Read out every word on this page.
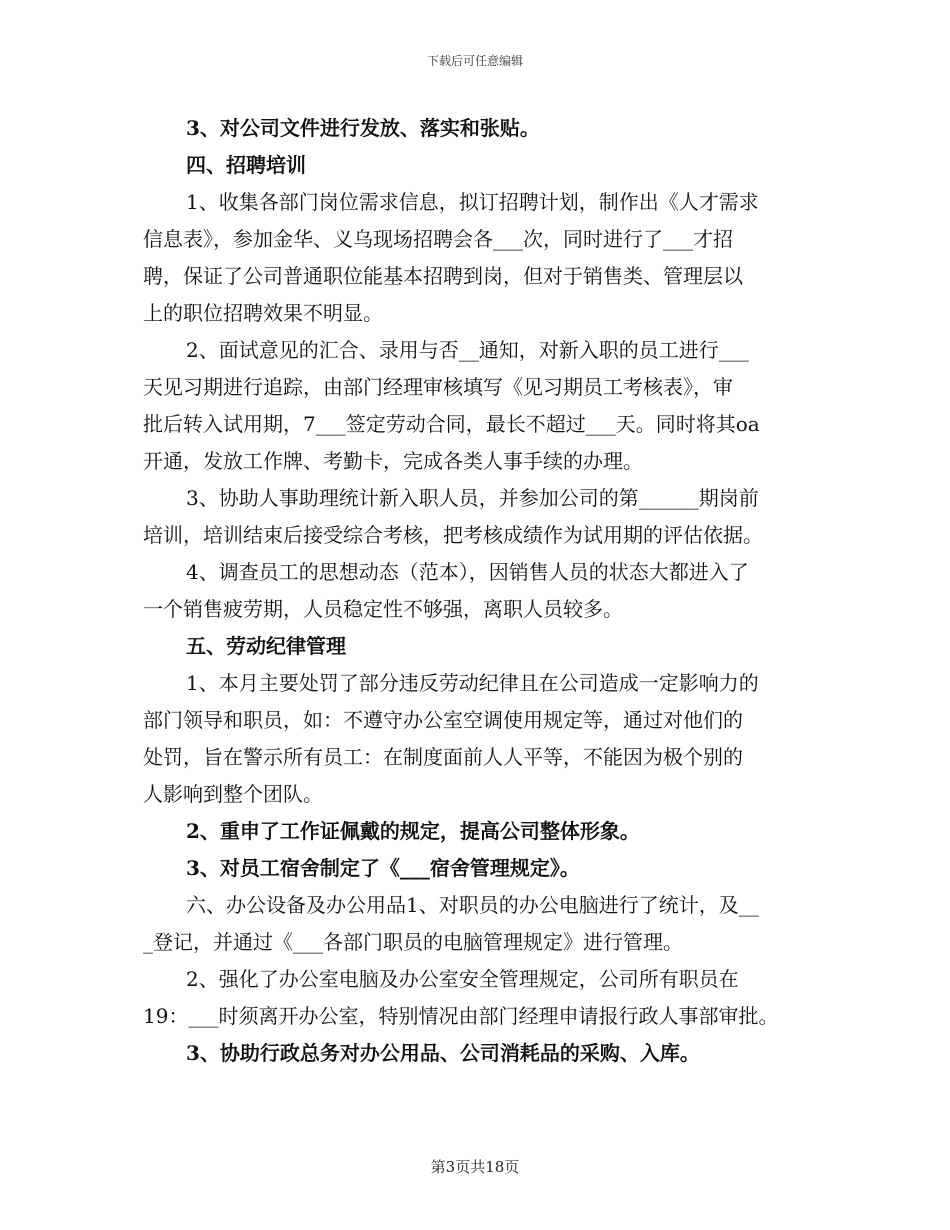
下载后可任意编辑
3、对公司文件进行发放、落实和张贴。
四、招聘培训
1、收集各部门岗位需求信息，拟订招聘计划，制作出《人才需求
信息表》，参加金华、义乌现场招聘会各___次，同时进行了___才招
聘，保证了公司普通职位能基本招聘到岗，但对于销售类、管理层以
上的职位招聘效果不明显。
2、面试意见的汇合、录用与否__通知，对新入职的员工进行___
天见习期进行追踪，由部门经理审核填写《见习期员工考核表》，审
批后转入试用期，7___签定劳动合同，最长不超过___天。同时将其oa
开通，发放工作牌、考勤卡，完成各类人事手续的办理。
3、协助人事助理统计新入职人员，并参加公司的第______期岗前
培训，培训结束后接受综合考核，把考核成绩作为试用期的评估依据。
4、调查员工的思想动态（范本），因销售人员的状态大都进入了
一个销售疲劳期，人员稳定性不够强，离职人员较多。
五、劳动纪律管理
1、本月主要处罚了部分违反劳动纪律且在公司造成一定影响力的
部门领导和职员，如：不遵守办公室空调使用规定等，通过对他们的
处罚，旨在警示所有员工：在制度面前人人平等，不能因为极个别的
人影响到整个团队。
2、重申了工作证佩戴的规定，提高公司整体形象。
3、对员工宿舍制定了《___宿舍管理规定》。
六、办公设备及办公用品1、对职员的办公电脑进行了统计，及__
_登记，并通过《___各部门职员的电脑管理规定》进行管理。
2、强化了办公室电脑及办公室安全管理规定，公司所有职员在
19：___时须离开办公室，特别情况由部门经理申请报行政人事部审批。
3、协助行政总务对办公用品、公司消耗品的采购、入库。
第3页共18页
